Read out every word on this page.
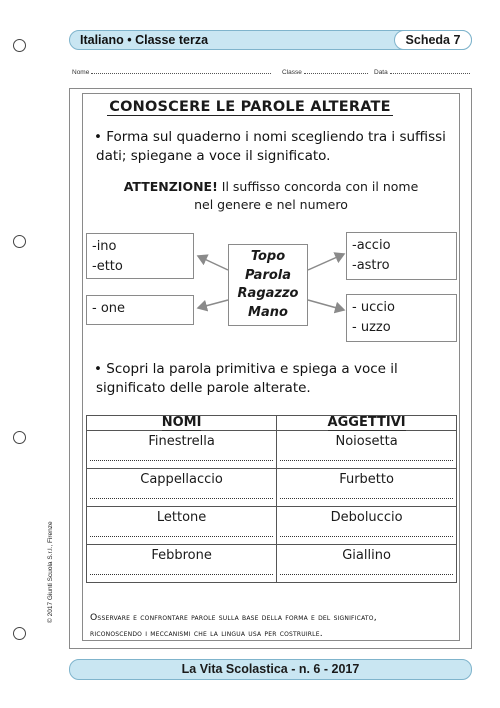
Italiano • Classe terza	Scheda 7
Nome	Classe	Data
CONOSCERE LE PAROLE ALTERATE
• Forma sul quaderno i nomi scegliendo tra i suffissi
dati; spiegane a voce il significato.
ATTENZIONE! Il suffisso concorda con il nome
nel genere e nel numero
-ino
-etto
- one
-accio
-astro
- uccio
- uzzo
Topo
Parola
Ragazzo
Mano
• Scopri la parola primitiva e spiega a voce il
significato delle parole alterate.
NOMI	AGGETTIVI
Finestrella	Noiosetta

Cappellaccio	Furbetto

Lettone	Deboluccio

Febbrone	Giallino
Osservare e confrontare parole sulla base della forma e del significato,
riconoscendo i meccanismi che la lingua usa per costruirle.
La Vita Scolastica - n. 6 - 2017
© 2017 Giunti Scuola S.r.l., Firenze
